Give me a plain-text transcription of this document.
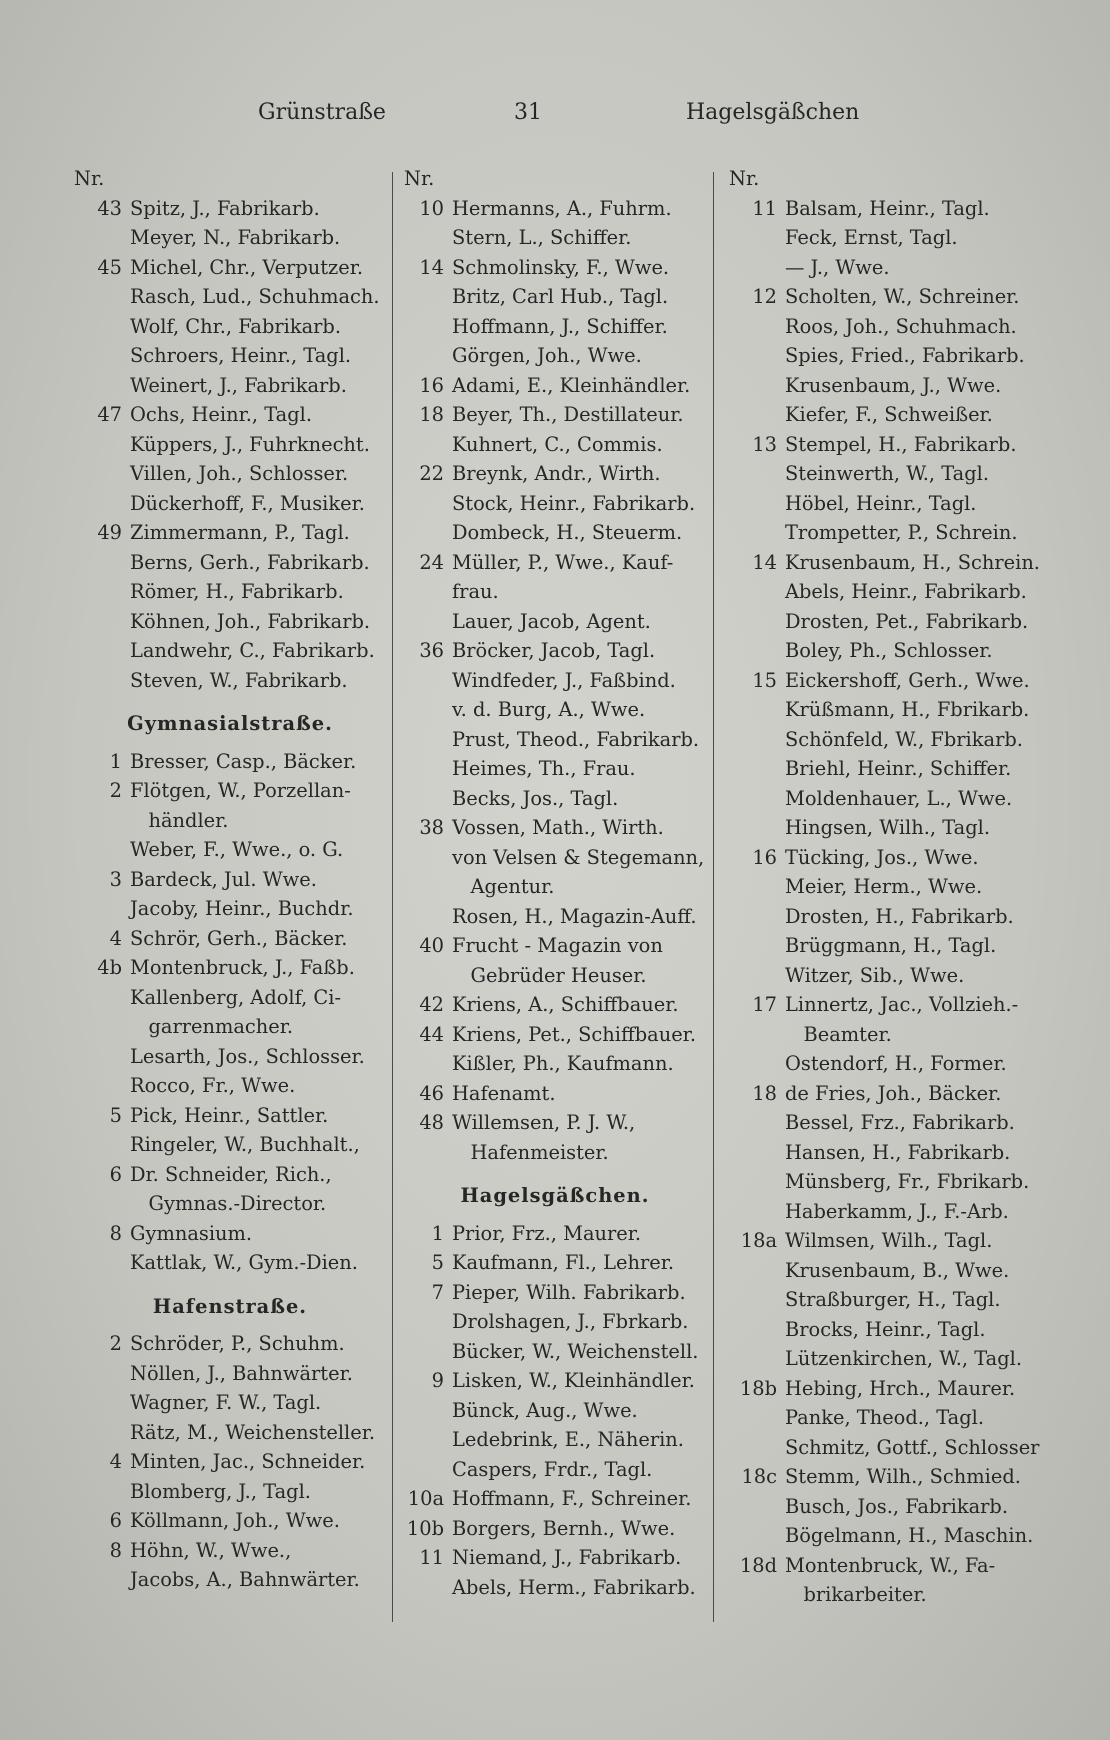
Grünstraße	31	Hagelsgäßchen
Nr.
43 Spitz, J., Fabrikarb.
Meyer, N., Fabrikarb.
45 Michel, Chr., Verputzer.
Rasch, Lud., Schuhmach.
Wolf, Chr., Fabrikarb.
Schroers, Heinr., Tagl.
Weinert, J., Fabrikarb.
47 Ochs, Heinr., Tagl.
Küppers, J., Fuhrknecht.
Villen, Joh., Schlosser.
Dückerhoff, F., Musiker.
49 Zimmermann, P., Tagl.
Berns, Gerh., Fabrikarb.
Römer, H., Fabrikarb.
Köhnen, Joh., Fabrikarb.
Landwehr, C., Fabrikarb.
Steven, W., Fabrikarb.
Gymnasialstraße.
1 Bresser, Casp., Bäcker.
2 Flötgen, W., Porzellan-
händler.
Weber, F., Wwe., o. G.
3 Bardeck, Jul. Wwe.
Jacoby, Heinr., Buchdr.
4 Schrör, Gerh., Bäcker.
4b Montenbruck, J., Faßb.
Kallenberg, Adolf, Ci-
garrenmacher.
Lesarth, Jos., Schlosser.
Rocco, Fr., Wwe.
5 Pick, Heinr., Sattler.
Ringeler, W., Buchhalt.,
6 Dr. Schneider, Rich.,
Gymnas.-Director.
8 Gymnasium.
Kattlak, W., Gym.-Dien.
Hafenstraße.
2 Schröder, P., Schuhm.
Nöllen, J., Bahnwärter.
Wagner, F. W., Tagl.
Rätz, M., Weichensteller.
4 Minten, Jac., Schneider.
Blomberg, J., Tagl.
6 Köllmann, Joh., Wwe.
8 Höhn, W., Wwe.,
Jacobs, A., Bahnwärter.
Nr.
10 Hermanns, A., Fuhrm.
Stern, L., Schiffer.
14 Schmolinsky, F., Wwe.
Britz, Carl Hub., Tagl.
Hoffmann, J., Schiffer.
Görgen, Joh., Wwe.
16 Adami, E., Kleinhändler.
18 Beyer, Th., Destillateur.
Kuhnert, C., Commis.
22 Breynk, Andr., Wirth.
Stock, Heinr., Fabrikarb.
Dombeck, H., Steuerm.
24 Müller, P., Wwe., Kauf-
frau.
Lauer, Jacob, Agent.
36 Bröcker, Jacob, Tagl.
Windfeder, J., Faßbind.
v. d. Burg, A., Wwe.
Prust, Theod., Fabrikarb.
Heimes, Th., Frau.
Becks, Jos., Tagl.
38 Vossen, Math., Wirth.
von Velsen & Stegemann,
Agentur.
Rosen, H., Magazin-Auff.
40 Frucht - Magazin von
Gebrüder Heuser.
42 Kriens, A., Schiffbauer.
44 Kriens, Pet., Schiffbauer.
Kißler, Ph., Kaufmann.
46 Hafenamt.
48 Willemsen, P. J. W.,
Hafenmeister.
Hagelsgäßchen.
1 Prior, Frz., Maurer.
5 Kaufmann, Fl., Lehrer.
7 Pieper, Wilh. Fabrikarb.
Drolshagen, J., Fbrkarb.
Bücker, W., Weichenstell.
9 Lisken, W., Kleinhändler.
Bünck, Aug., Wwe.
Ledebrink, E., Näherin.
Caspers, Frdr., Tagl.
10a Hoffmann, F., Schreiner.
10b Borgers, Bernh., Wwe.
11 Niemand, J., Fabrikarb.
Abels, Herm., Fabrikarb.
Nr.
11 Balsam, Heinr., Tagl.
Feck, Ernst, Tagl.
— J., Wwe.
12 Scholten, W., Schreiner.
Roos, Joh., Schuhmach.
Spies, Fried., Fabrikarb.
Krusenbaum, J., Wwe.
Kiefer, F., Schweißer.
13 Stempel, H., Fabrikarb.
Steinwerth, W., Tagl.
Höbel, Heinr., Tagl.
Trompetter, P., Schrein.
14 Krusenbaum, H., Schrein.
Abels, Heinr., Fabrikarb.
Drosten, Pet., Fabrikarb.
Boley, Ph., Schlosser.
15 Eickershoff, Gerh., Wwe.
Krüßmann, H., Fbrikarb.
Schönfeld, W., Fbrikarb.
Briehl, Heinr., Schiffer.
Moldenhauer, L., Wwe.
Hingsen, Wilh., Tagl.
16 Tücking, Jos., Wwe.
Meier, Herm., Wwe.
Drosten, H., Fabrikarb.
Brüggmann, H., Tagl.
Witzer, Sib., Wwe.
17 Linnertz, Jac., Vollzieh.-
Beamter.
Ostendorf, H., Former.
18 de Fries, Joh., Bäcker.
Bessel, Frz., Fabrikarb.
Hansen, H., Fabrikarb.
Münsberg, Fr., Fbrikarb.
Haberkamm, J., F.-Arb.
18a Wilmsen, Wilh., Tagl.
Krusenbaum, B., Wwe.
Straßburger, H., Tagl.
Brocks, Heinr., Tagl.
Lützenkirchen, W., Tagl.
18b Hebing, Hrch., Maurer.
Panke, Theod., Tagl.
Schmitz, Gottf., Schlosser
18c Stemm, Wilh., Schmied.
Busch, Jos., Fabrikarb.
Bögelmann, H., Maschin.
18d Montenbruck, W., Fa-
brikarbeiter.
